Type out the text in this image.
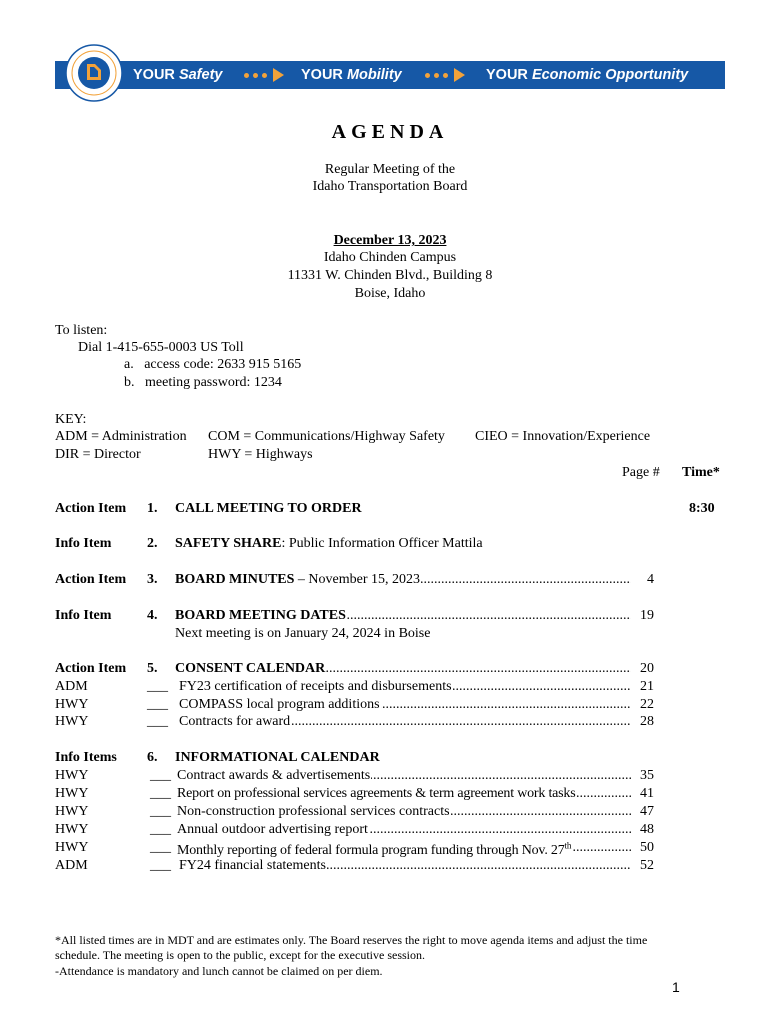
YOUR Safety	YOUR Mobility	YOUR Economic Opportunity
AGENDA
Regular Meeting of the
Idaho Transportation Board
December 13, 2023
Idaho Chinden Campus
11331 W. Chinden Blvd., Building 8
Boise, Idaho
To listen:
Dial 1-415-655-0003 US Toll
a.   access code: 2633 915 5165
b.   meeting password: 1234
KEY:
ADM = Administration COM = Communications/Highway Safety CIEO = Innovation/Experience
DIR = Director	HWY = Highways
Page # Time*
Action Item 1. CALL MEETING TO ORDER	8:30
Info Item	2. SAFETY SHARE: Public Information Officer Mattila
Action Item 3. BOARD MINUTES – November 15, 2023 .....	4
Info Item	4. BOARD MEETING DATES .....	19
Next meeting is on January 24, 2024 in Boise
Action Item 5. CONSENT CALENDAR .....	20
ADM	___ FY23 certification of receipts and disbursements .....	21
HWY	___ COMPASS local program additions .....	22
HWY	___ Contracts for award .....	28
Info Items 6. INFORMATIONAL CALENDAR
HWY	___ Contract awards & advertisements .....	35
HWY	___ Report on professional services agreements & term agreement work tasks .....	41
HWY	___ Non-construction professional services contracts .....	47
HWY	___ Annual outdoor advertising report .....	48
HWY	___ Monthly reporting of federal formula program funding through Nov. 27th .....	50
ADM	___ FY24 financial statements .....	52
*All listed times are in MDT and are estimates only. The Board reserves the right to move agenda items and adjust the time
schedule. The meeting is open to the public, except for the executive session.
-Attendance is mandatory and lunch cannot be claimed on per diem.
1
